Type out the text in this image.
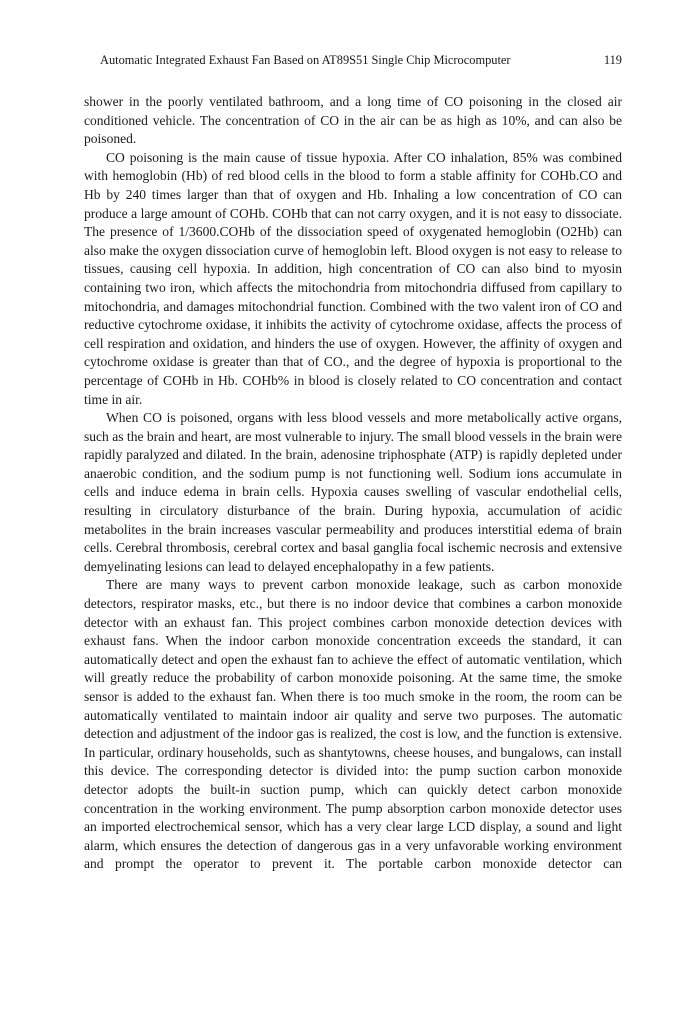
Automatic Integrated Exhaust Fan Based on AT89S51 Single Chip Microcomputer	119

shower in the poorly ventilated bathroom, and a long time of CO poisoning in the closed air conditioned vehicle. The concentration of CO in the air can be as high as 10%, and can also be poisoned.

CO poisoning is the main cause of tissue hypoxia. After CO inhalation, 85% was combined with hemoglobin (Hb) of red blood cells in the blood to form a stable affinity for COHb.CO and Hb by 240 times larger than that of oxygen and Hb. Inhaling a low concentration of CO can produce a large amount of COHb. COHb that can not carry oxygen, and it is not easy to dissociate. The presence of 1/3600.COHb of the dissociation speed of oxygenated hemoglobin (O2Hb) can also make the oxygen dissociation curve of hemoglobin left. Blood oxygen is not easy to release to tissues, causing cell hypoxia. In addition, high concentration of CO can also bind to myosin containing two iron, which affects the mitochondria from mitochondria diffused from capillary to mitochondria, and damages mitochondrial function. Combined with the two valent iron of CO and reductive cytochrome oxidase, it inhibits the activity of cytochrome oxidase, affects the process of cell respiration and oxidation, and hinders the use of oxygen. However, the affinity of oxygen and cytochrome oxidase is greater than that of CO., and the degree of hypoxia is proportional to the percentage of COHb in Hb. COHb% in blood is closely related to CO concentration and contact time in air.

When CO is poisoned, organs with less blood vessels and more metabolically active organs, such as the brain and heart, are most vulnerable to injury. The small blood vessels in the brain were rapidly paralyzed and dilated. In the brain, adenosine triphosphate (ATP) is rapidly depleted under anaerobic condition, and the sodium pump is not functioning well. Sodium ions accumulate in cells and induce edema in brain cells. Hypoxia causes swelling of vascular endothelial cells, resulting in circulatory disturbance of the brain. During hypoxia, accumulation of acidic metabolites in the brain increases vascular permeability and produces interstitial edema of brain cells. Cerebral thrombosis, cerebral cortex and basal ganglia focal ischemic necrosis and extensive demyelinating lesions can lead to delayed encephalopathy in a few patients.

There are many ways to prevent carbon monoxide leakage, such as carbon monoxide detectors, respirator masks, etc., but there is no indoor device that combines a carbon monoxide detector with an exhaust fan. This project combines carbon monoxide detection devices with exhaust fans. When the indoor carbon monoxide concentration exceeds the standard, it can automatically detect and open the exhaust fan to achieve the effect of automatic ventilation, which will greatly reduce the probability of carbon monoxide poisoning. At the same time, the smoke sensor is added to the exhaust fan. When there is too much smoke in the room, the room can be automatically ventilated to maintain indoor air quality and serve two purposes. The automatic detection and adjustment of the indoor gas is realized, the cost is low, and the function is extensive. In particular, ordinary households, such as shantytowns, cheese houses, and bungalows, can install this device. The corresponding detector is divided into: the pump suction carbon monoxide detector adopts the built-in suction pump, which can quickly detect carbon monoxide concentration in the working environment. The pump absorption carbon monoxide detector uses an imported electrochemical sensor, which has a very clear large LCD display, a sound and light alarm, which ensures the detection of dangerous gas in a very unfavorable working environment and prompt the operator to prevent it. The portable carbon monoxide detector can
